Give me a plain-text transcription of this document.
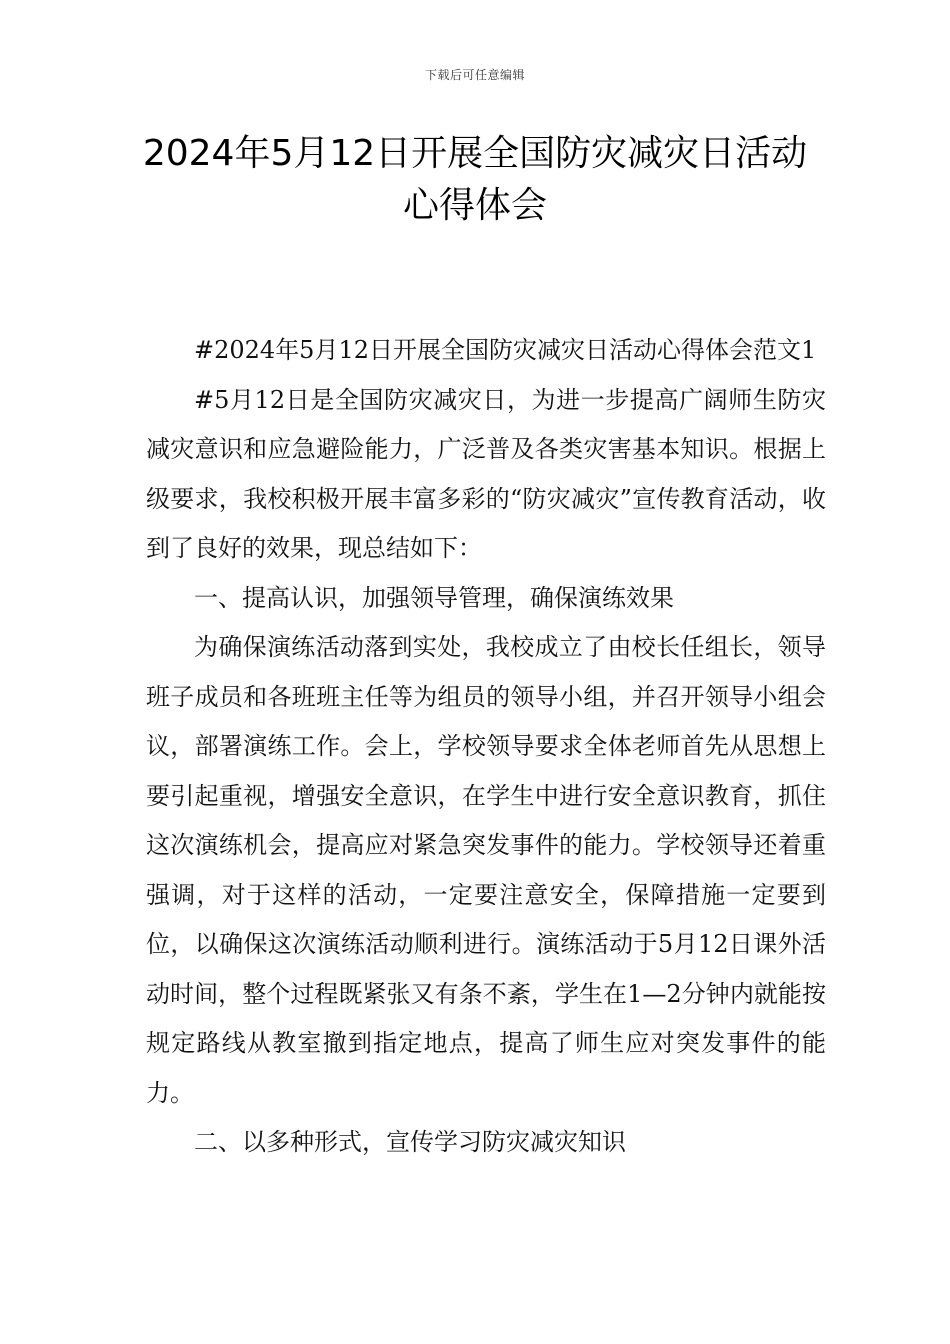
下载后可任意编辑
2024年5月12日开展全国防灾减灾日活动
心得体会

#2024年5月12日开展全国防灾减灾日活动心得体会范文1

#5月12日是全国防灾减灾日，为进一步提高广阔师生防灾减灾意识和应急避险能力，广泛普及各类灾害基本知识。根据上级要求，我校积极开展丰富多彩的“防灾减灾”宣传教育活动，收到了良好的效果，现总结如下：

一、提高认识，加强领导管理，确保演练效果

为确保演练活动落到实处，我校成立了由校长任组长，领导班子成员和各班班主任等为组员的领导小组，并召开领导小组会议，部署演练工作。会上，学校领导要求全体老师首先从思想上要引起重视，增强安全意识，在学生中进行安全意识教育，抓住这次演练机会，提高应对紧急突发事件的能力。学校领导还着重强调，对于这样的活动，一定要注意安全，保障措施一定要到位，以确保这次演练活动顺利进行。演练活动于5月12日课外活动时间，整个过程既紧张又有条不紊，学生在1—2分钟内就能按规定路线从教室撤到指定地点，提高了师生应对突发事件的能力。

二、以多种形式，宣传学习防灾减灾知识
